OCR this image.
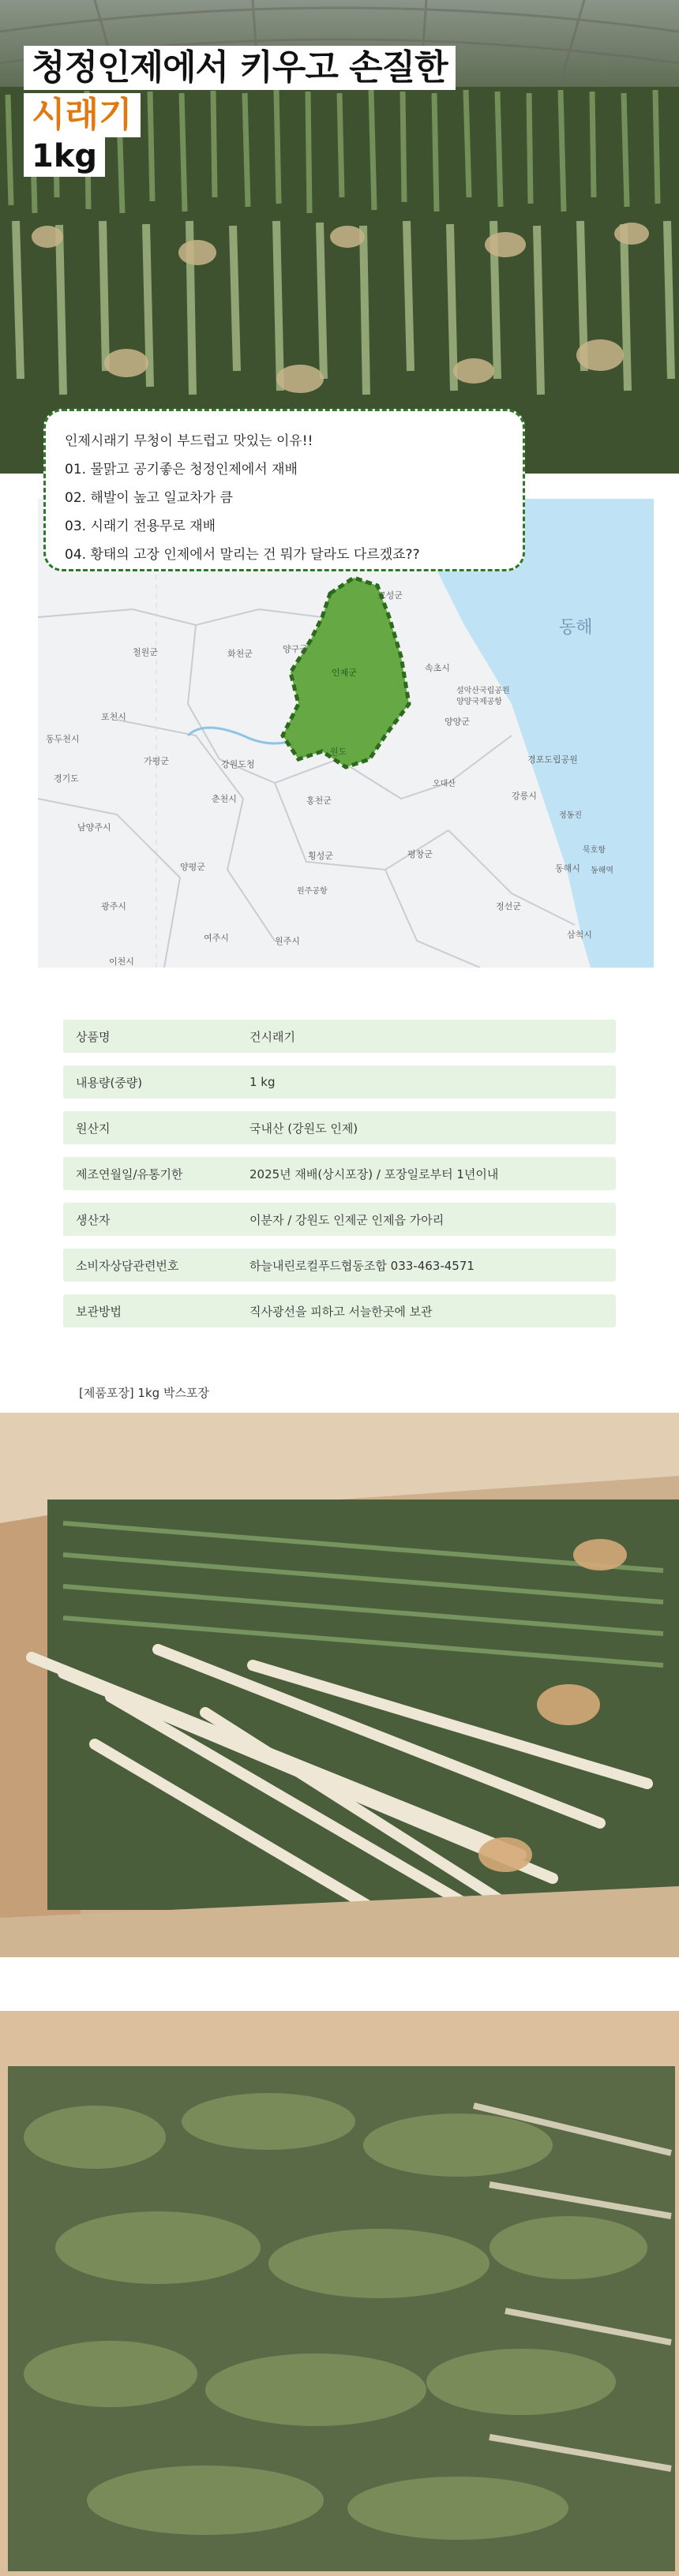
청정인제에서 키우고 손질한
시래기
1kg
고성군
동해
철원군	화천군	양구군
인제군	속초시
설악산국립공원
양양국제공항
포천시
동두천시
가평군	강원도청
원도
양양군
경기도
오대산
춘천시	홍천군
경포도립공원
강릉시
정동진
남양주시
양평군
횡성군	평창군	묵호항
동해시 동해역
광주시
원주공항
정선군
여주시	원주시
삼척시
이천시
인제시래기 무청이 부드럽고 맛있는 이유!!
01. 물맑고 공기좋은 청정인제에서 재배
02. 해발이 높고 일교차가 큼
03. 시래기 전용무로 재배
04. 황태의 고장 인제에서 말리는 건 뭐가 달라도 다르겠죠??
상품명	건시래기
내용량(중량)	1 kg
원산지	국내산 (강원도 인제)
제조연월일/유통기한	2025년 재배(상시포장) / 포장일로부터 1년이내
생산자	이분자 / 강원도 인제군 인제읍 가아리
소비자상담관련번호	하늘내린로컬푸드협동조합 033-463-4571
보관방법	직사광선을 피하고 서늘한곳에 보관
[제품포장] 1kg 박스포장
